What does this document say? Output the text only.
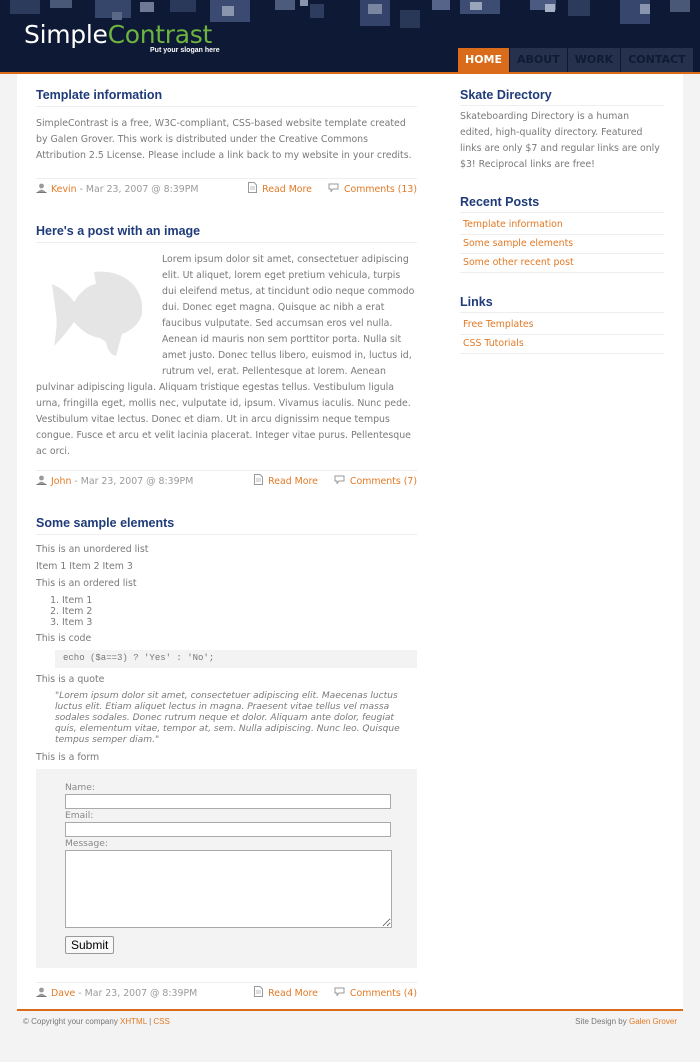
SimpleContrast
Put your slogan here
HOME	ABOUT	WORK	CONTACT
Template information
SimpleContrast is a free, W3C-compliant, CSS-based website template created by Galen Grover. This work is distributed under the Creative Commons Attribution 2.5 License. Please include a link back to my website in your credits.
Kevin - Mar 23, 2007 @ 8:39PM	Read More	Comments (13)
Here's a post with an image
Lorem ipsum dolor sit amet, consectetuer adipiscing elit. Ut aliquet, lorem eget pretium vehicula, turpis dui eleifend metus, at tincidunt odio neque commodo dui. Donec eget magna. Quisque ac nibh a erat faucibus vulputate. Sed accumsan eros vel nulla. Aenean id mauris non sem porttitor porta. Nulla sit amet justo. Donec tellus libero, euismod in, luctus id, rutrum vel, erat. Pellentesque at lorem. Aenean pulvinar adipiscing ligula. Aliquam tristique egestas tellus. Vestibulum ligula urna, fringilla eget, mollis nec, vulputate id, ipsum. Vivamus iaculis. Nunc pede. Vestibulum vitae lectus. Donec et diam. Ut in arcu dignissim neque tempus congue. Fusce et arcu et velit lacinia placerat. Integer vitae purus. Pellentesque ac orci.
John - Mar 23, 2007 @ 8:39PM	Read More	Comments (7)
Some sample elements

This is an unordered list

Item 1 Item 2 Item 3

This is an ordered list

1. Item 1
2. Item 2
3. Item 3

This is code

echo ($a==3) ? 'Yes' : 'No';

This is a quote

"Lorem ipsum dolor sit amet, consectetuer adipiscing elit. Maecenas luctus luctus elit. Etiam aliquet lectus in magna. Praesent vitae tellus vel massa sodales sodales. Donec rutrum neque et dolor. Aliquam ante dolor, feugiat quis, elementum vitae, tempor at, sem. Nulla adipiscing. Nunc leo. Quisque tempus semper diam."

This is a form

Name:
Email:
Message:
Submit
Dave - Mar 23, 2007 @ 8:39PM	Read More	Comments (4)
Skate Directory
Skateboarding Directory is a human edited, high-quality directory. Featured links are only $7 and regular links are only $3! Reciprocal links are free!
Recent Posts
Template information
Some sample elements
Some other recent post
Links
Free Templates
CSS Tutorials
© Copyright your company XHTML | CSS	Site Design by Galen Grover
